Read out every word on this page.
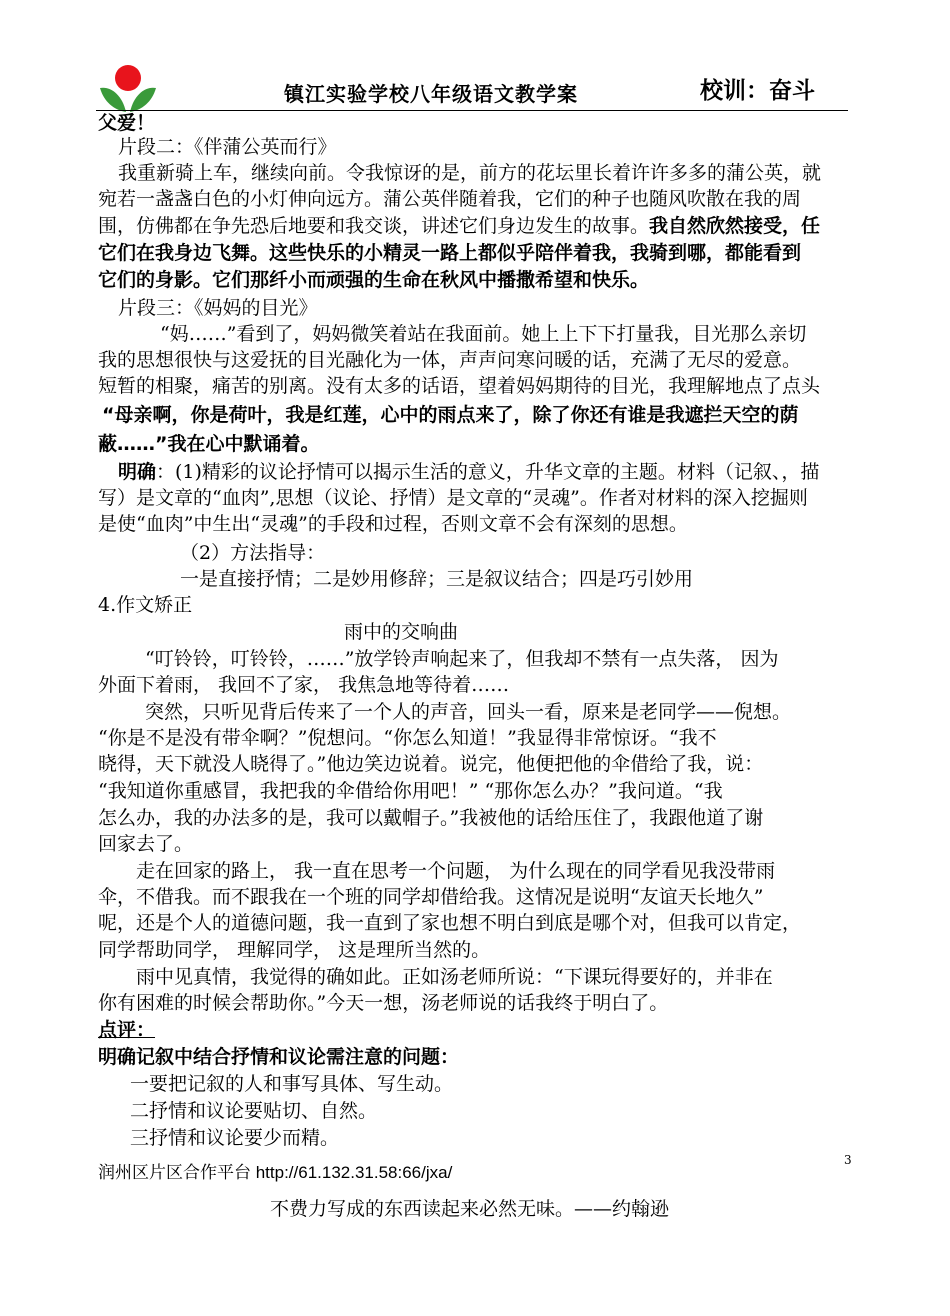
镇江实验学校八年级语文教学案	校训：奋斗
父爱！
片段二：《伴蒲公英而行》
我重新骑上车，继续向前。令我惊讶的是，前方的花坛里长着许许多多的蒲公英，就
宛若一盏盏白色的小灯伸向远方。蒲公英伴随着我，它们的种子也随风吹散在我的周
围，仿佛都在争先恐后地要和我交谈，讲述它们身边发生的故事。我自然欣然接受，任
它们在我身边飞舞。这些快乐的小精灵一路上都似乎陪伴着我，我骑到哪，都能看到
它们的身影。它们那纤小而顽强的生命在秋风中播撒希望和快乐。
片段三：《妈妈的目光》
“妈……”看到了，妈妈微笑着站在我面前。她上上下下打量我，目光那么亲切
我的思想很快与这爱抚的目光融化为一体，声声问寒问暖的话，充满了无尽的爱意。
短暂的相聚，痛苦的别离。没有太多的话语，望着妈妈期待的目光，我理解地点了点头
“母亲啊，你是荷叶，我是红莲，心中的雨点来了，除了你还有谁是我遮拦天空的荫
蔽……”我在心中默诵着。
明确：(1)精彩的议论抒情可以揭示生活的意义，升华文章的主题。材料（记叙、，描
写）是文章的“血肉”,思想（议论、抒情）是文章的“灵魂”。作者对材料的深入挖掘则
是使“血肉”中生出“灵魂”的手段和过程，否则文章不会有深刻的思想。
（2）方法指导：
一是直接抒情；二是妙用修辞；三是叙议结合；四是巧引妙用
4.作文矫正
雨中的交响曲
“叮铃铃，叮铃铃，……”放学铃声响起来了，但我却不禁有一点失落， 因为
外面下着雨， 我回不了家， 我焦急地等待着……
突然，只听见背后传来了一个人的声音，回头一看，原来是老同学——倪想。
“你是不是没有带伞啊？”倪想问。“你怎么知道！”我显得非常惊讶。“我不
晓得，天下就没人晓得了。”他边笑边说着。说完，他便把他的伞借给了我，说：
“我知道你重感冒，我把我的伞借给你用吧！” “那你怎么办？”我问道。“我
怎么办，我的办法多的是，我可以戴帽子。”我被他的话给压住了，我跟他道了谢
回家去了。
走在回家的路上， 我一直在思考一个问题， 为什么现在的同学看见我没带雨
伞，不借我。而不跟我在一个班的同学却借给我。这情况是说明“友谊天长地久”
呢，还是个人的道德问题，我一直到了家也想不明白到底是哪个对，但我可以肯定，
同学帮助同学， 理解同学， 这是理所当然的。
雨中见真情，我觉得的确如此。正如汤老师所说：“下课玩得要好的，并非在
你有困难的时候会帮助你。”今天一想，汤老师说的话我终于明白了。
点评：
明确记叙中结合抒情和议论需注意的问题：
一要把记叙的人和事写具体、写生动。
二抒情和议论要贴切、自然。
三抒情和议论要少而精。
3
润州区片区合作平台 http://61.132.31.58:66/jxa/
不费力写成的东西读起来必然无味。——约翰逊
